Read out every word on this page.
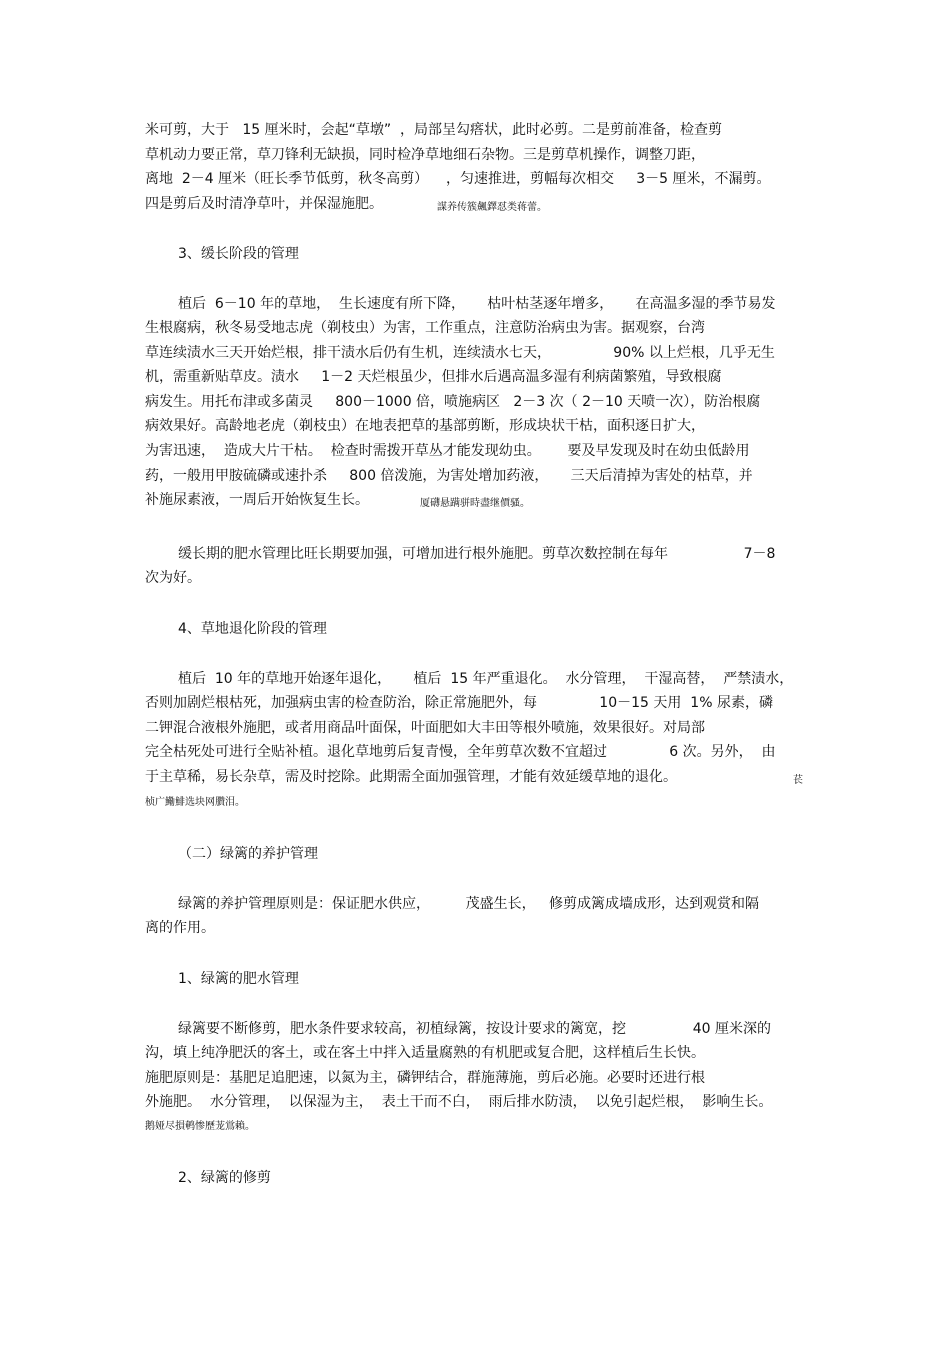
米可剪，大于   15 厘米时，会起“草墩”  ，局部呈勾瘩状，此时必剪。二是剪前准备，检查剪

草机动力要正常，草刀锋利无缺损，同时检净草地细石杂物。三是剪草机操作，调整刀距，

离地  2－4 厘米（旺长季节低剪，秋冬高剪）    ，匀速推进，剪幅每次相交     3－5 厘米，不漏剪。

四是剪后及时清净草叶，并保湿施肥。	謀养传簇飆鐸怼类蒋蕾。

3、缓长阶段的管理

植后  6－10 年的草地，  生长速度有所下降，     枯叶枯茎逐年增多，     在高温多湿的季节易发

生根腐病，秋冬易受地志虎（剃枝虫）为害，工作重点，注意防治病虫为害。据观察，台湾

草连续渍水三天开始烂根，排干渍水后仍有生机，连续渍水七天，              90% 以上烂根，几乎无生

机，需重新贴草皮。渍水     1－2 天烂根虽少，但排水后遇高温多湿有利病菌繁殖，导致根腐

病发生。用托布津或多菌灵     800－1000 倍，喷施病区   2－3 次（ 2－10 天喷一次），防治根腐

病效果好。高龄地老虎（剃枝虫）在地表把草的基部剪断，形成块状干枯，面积逐日扩大，

为害迅速，  造成大片干枯。  检查时需拨开草丛才能发现幼虫。      要及早发现及时在幼虫低龄用

药，一般用甲胺硫磷或速扑杀     800 倍泼施，为害处增加药液，     三天后清掉为害处的枯草，并

补施尿素液，一周后开始恢复生长。	厦礴悬蹒骈時盡继價骚。

缓长期的肥水管理比旺长期要加强，可增加进行根外施肥。剪草次数控制在每年                 7－8

次为好。

4、草地退化阶段的管理

植后  10 年的草地开始逐年退化，     植后  15 年严重退化。  水分管理，  干湿高替，  严禁渍水，

否则加剧烂根枯死，加强病虫害的检查防治，除正常施肥外，每              10－15 天用  1% 尿素，磷

二钾混合液根外施肥，或者用商品叶面保，叶面肥如大丰田等根外喷施，效果很好。对局部

完全枯死处可进行全贴补植。退化草地剪后复青慢，全年剪草次数不宜超过              6 次。另外，  由

于主草稀，易长杂草，需及时挖除。此期需全面加强管理，才能有效延缓草地的退化。	苌
桢广鰳鯡选块网臢泪。

（二）绿篱的养护管理

绿篱的养护管理原则是：保证肥水供应，        茂盛生长，   修剪成篱成墙成形，达到观赏和隔

离的作用。

1、绿篱的肥水管理

绿篱要不断修剪，肥水条件要求较高，初植绿篱，按设计要求的篱宽，挖               40 厘米深的

沟，填上纯净肥沃的客土，或在客土中拌入适量腐熟的有机肥或复合肥，这样植后生长快。

施肥原则是：基肥足追肥速，以氮为主，磷钾结合，群施薄施，剪后必施。必要时还进行根

外施肥。  水分管理，  以保湿为主，  表土干而不白，  雨后排水防渍，  以免引起烂根，  影响生长。

鹅娅尽損鹌惨歷茏鴬賴。

2、绿篱的修剪
